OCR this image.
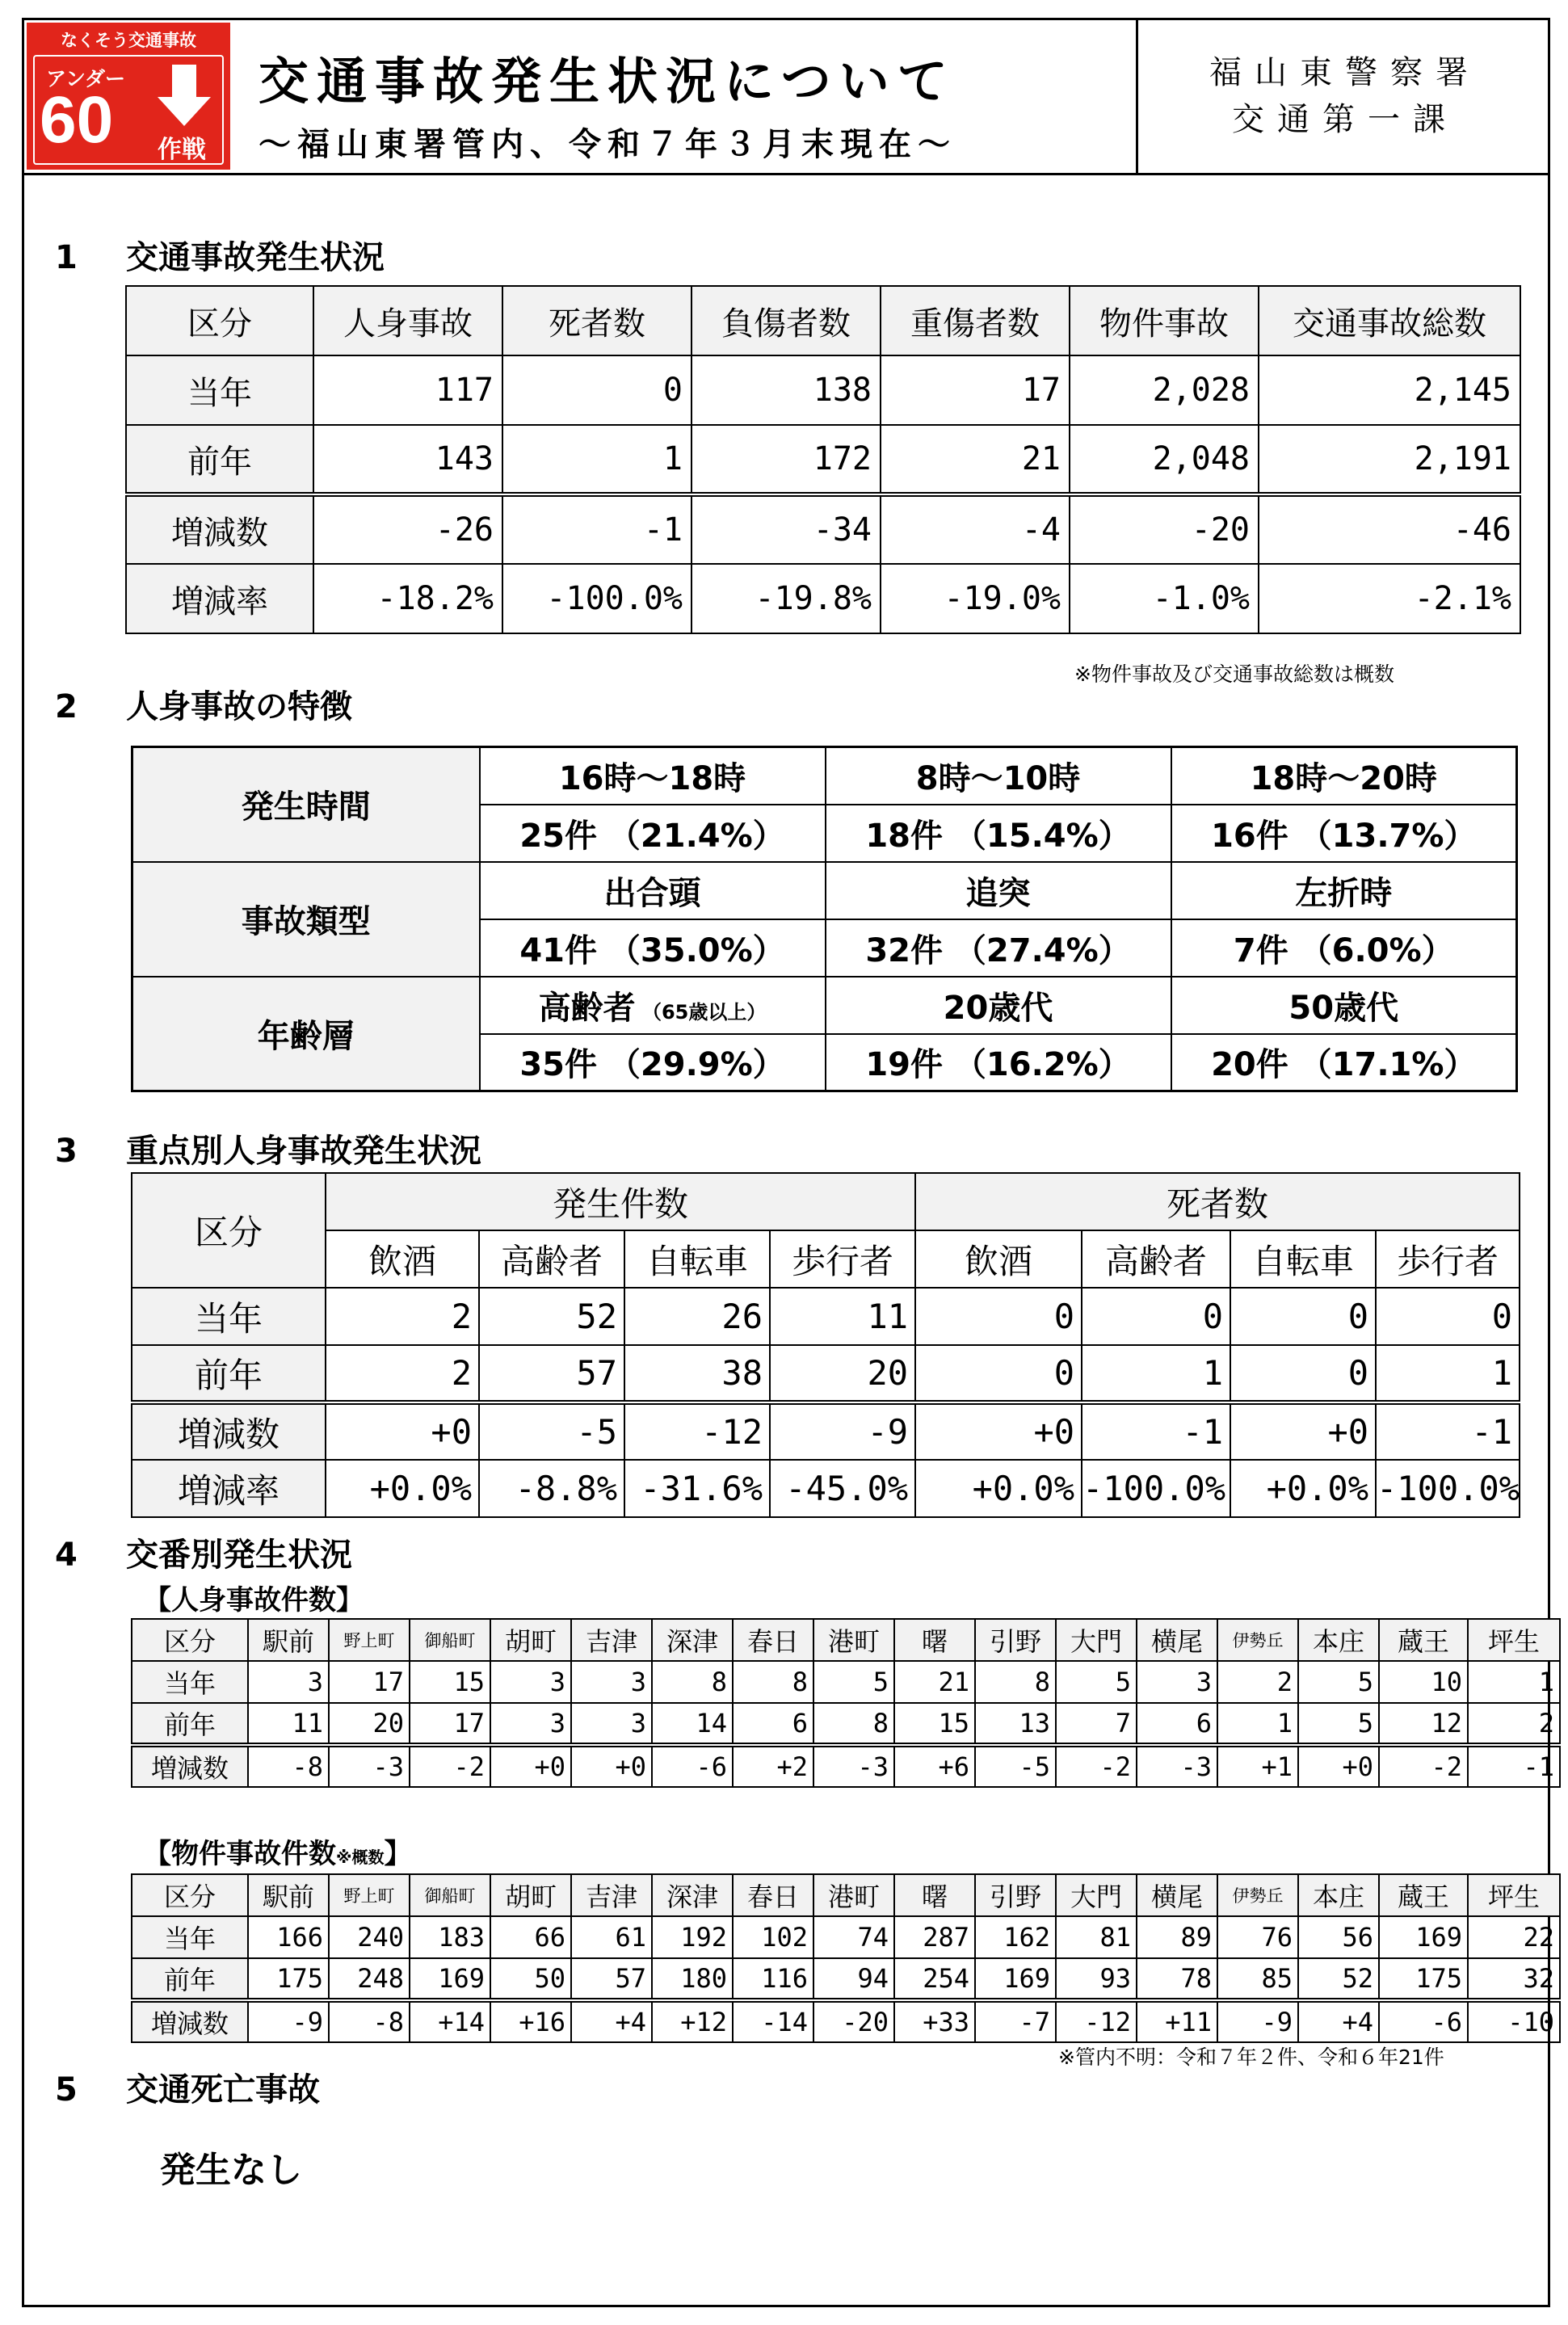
なくそう交通事故
アンダー
60 作戦
交通事故発生状況について
～福山東署管内、令和７年３月末現在～
福山東警察署
交通第一課
1 交通事故発生状況
区分	人身事故	死者数	負傷者数	重傷者数	物件事故	交通事故総数
当年	117	0	138	17	2,028	2,145
前年	143	1	172	21	2,048	2,191
増減数	-26	-1	-34	-4	-20	-46
増減率	-18.2%	-100.0%	-19.8%	-19.0%	-1.0%	-2.1%
※物件事故及び交通事故総数は概数
2 人身事故の特徴
発生時間	16時～18時	8時～10時	18時～20時
	25件 （21.4%）	18件 （15.4%）	16件 （13.7%）
事故類型	出合頭	追突	左折時
	41件 （35.0%）	32件 （27.4%）	7件 （6.0%）
年齢層	高齢者 （65歳以上）	20歳代	50歳代
	35件 （29.9%）	19件 （16.2%）	20件 （17.1%）
3 重点別人身事故発生状況
区分	発生件数				死者数			
	飲酒	高齢者	自転車	歩行者	飲酒	高齢者	自転車	歩行者
当年	2	52	26	11	0	0	0	0
前年	2	57	38	20	0	1	0	1
増減数	+0	-5	-12	-9	+0	-1	+0	-1
増減率	+0.0%	-8.8%	-31.6%	-45.0%	+0.0%	-100.0%	+0.0%	-100.0%
4 交番別発生状況
【人身事故件数】
区分	駅前	野上町	御船町	胡町	吉津	深津	春日	港町	曙	引野	大門	横尾	伊勢丘	本庄	蔵王	坪生
当年	3	17	15	3	3	8	8	5	21	8	5	3	2	5	10	1
前年	11	20	17	3	3	14	6	8	15	13	7	6	1	5	12	2
増減数	-8	-3	-2	+0	+0	-6	+2	-3	+6	-5	-2	-3	+1	+0	-2	-1
【物件事故件数※概数】
区分	駅前	野上町	御船町	胡町	吉津	深津	春日	港町	曙	引野	大門	横尾	伊勢丘	本庄	蔵王	坪生
当年	166	240	183	66	61	192	102	74	287	162	81	89	76	56	169	22
前年	175	248	169	50	57	180	116	94	254	169	93	78	85	52	175	32
増減数	-9	-8	+14	+16	+4	+12	-14	-20	+33	-7	-12	+11	-9	+4	-6	-10
※管内不明：令和７年２件、令和６年21件
5 交通死亡事故
発生なし
